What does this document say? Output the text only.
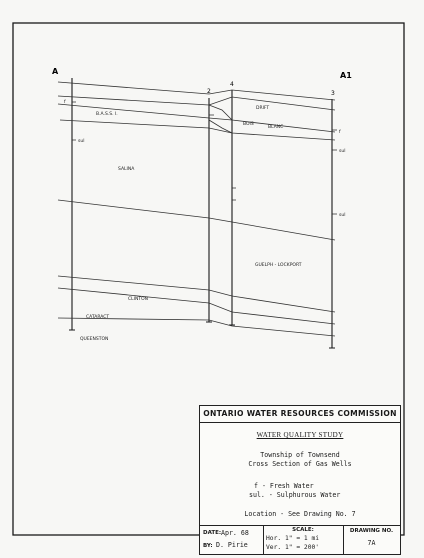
A	A1
2
4
3
DRIFT
B.A.S.S. I.
BOIS
BLANC
SALINA
GUELPH - LOCKPORT
CLINTON
CATARACT
QUEENSTON
f
sul
f
sul
sul
ONTARIO WATER RESOURCES COMMISSION
WATER QUALITY STUDY
Township of Townsend
Cross Section of Gas Wells
f - Fresh Water
sul. - Sulphurous Water
Location - See Drawing No. 7
DATE: Apr. 68
BY: D. Pirie
SCALE:
Hor. 1" = 1 mi
Ver. 1" = 200'
DRAWING NO.
7A
